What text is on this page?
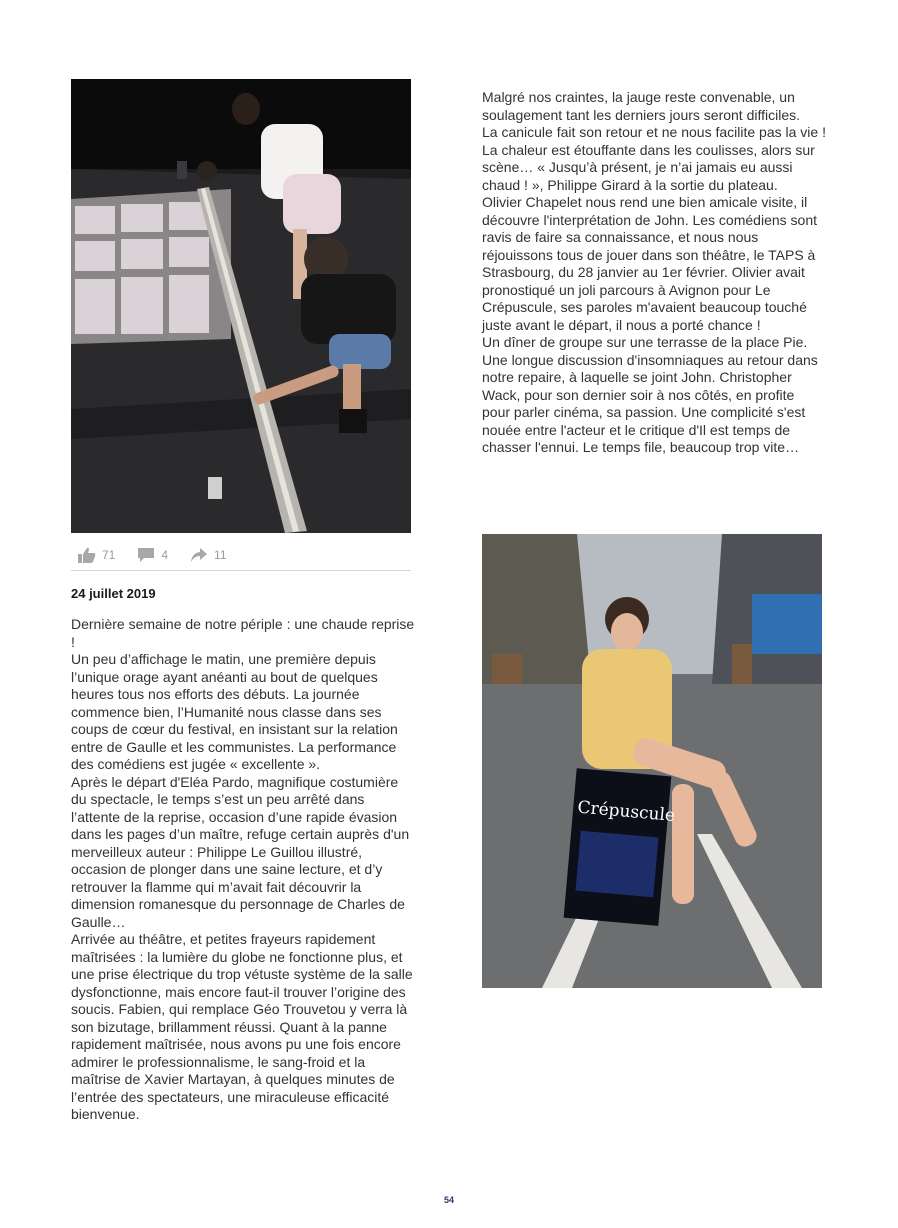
71	4	11
24 juillet 2019

Dernière semaine de notre périple : une chaude reprise !

Un peu d’affichage le matin, une première depuis l’unique orage ayant anéanti au bout de quelques heures tous nos efforts des débuts. La journée commence bien, l’Humanité nous classe dans ses coups de cœur du festival, en insistant sur la relation entre de Gaulle et les communistes. La performance des comédiens est jugée « excellente ».

Après le départ d'Eléa Pardo, magnifique costumière du spectacle, le temps s’est un peu arrêté dans l’attente de la reprise, occasion d’une rapide évasion dans les pages d’un maître, refuge certain auprès d'un merveilleux auteur : Philippe Le Guillou illustré, occasion de plonger dans une saine lecture, et d’y retrouver la flamme qui m’avait fait découvrir la dimension romanesque du personnage de Charles de Gaulle…

Arrivée au théâtre, et petites frayeurs rapidement maîtrisées : la lumière du globe ne fonctionne plus, et une prise électrique du trop vétuste système de la salle dysfonctionne, mais encore faut-il trouver l’origine des soucis. Fabien, qui remplace Géo Trouvetou y verra là son bizutage, brillamment réussi. Quant à la panne rapidement maîtrisée, nous avons pu une fois encore admirer le professionnalisme, le sang-froid et la maîtrise de Xavier Martayan, à quelques minutes de l’entrée des spectateurs, une miraculeuse efficacité bienvenue.

Malgré nos craintes, la jauge reste convenable, un soulagement tant les derniers jours seront difficiles.

La canicule fait son retour et ne nous facilite pas la vie ! La chaleur est étouffante dans les coulisses, alors sur scène… « Jusqu’à présent, je n’ai jamais eu aussi chaud ! », Philippe Girard à la sortie du plateau.

Olivier Chapelet nous rend une bien amicale visite, il découvre l'interprétation de John. Les comédiens sont ravis de faire sa connaissance, et nous nous réjouissons tous de jouer dans son théâtre, le TAPS à Strasbourg, du 28 janvier au 1er février. Olivier avait pronostiqué un joli parcours à Avignon pour Le Crépuscule, ses paroles m'avaient beaucoup touché juste avant le départ, il nous a porté chance !

Un dîner de groupe sur une terrasse de la place Pie. Une longue discussion d'insomniaques au retour dans notre repaire, à laquelle se joint John. Christopher Wack, pour son dernier soir à nos côtés, en profite pour parler cinéma, sa passion. Une complicité s'est nouée entre l'acteur et le critique d'Il est temps de chasser l'ennui. Le temps file, beaucoup trop vite…

Crépuscule
54
